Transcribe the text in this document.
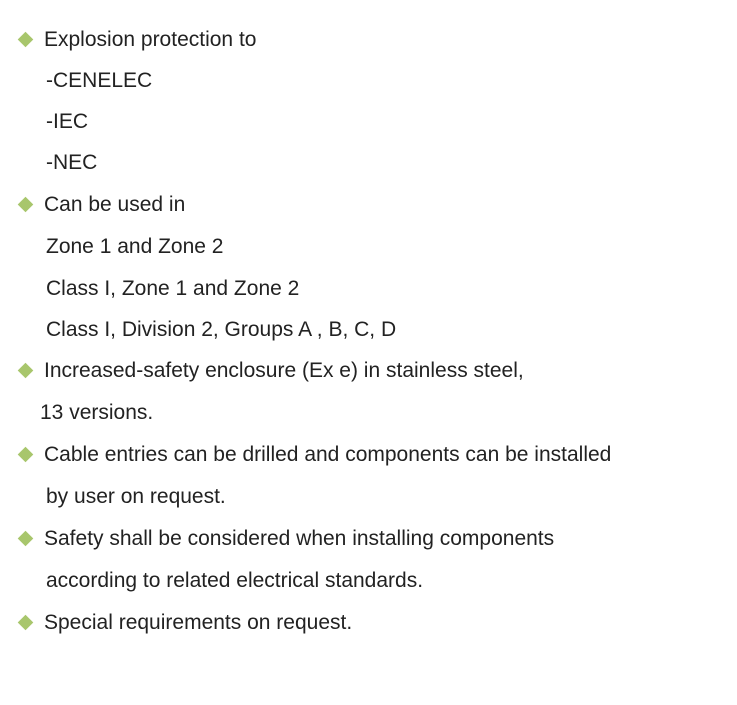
Explosion protection to
-CENELEC
-IEC
-NEC
Can be used in
Zone 1 and Zone 2
Class I, Zone 1 and Zone 2
Class I, Division 2, Groups A , B, C, D
Increased-safety enclosure (Ex e) in stainless steel,
13 versions.
Cable entries can be drilled and components can be installed
by user on request.
Safety shall be considered when installing components
according to related electrical standards.
Special requirements on request.
